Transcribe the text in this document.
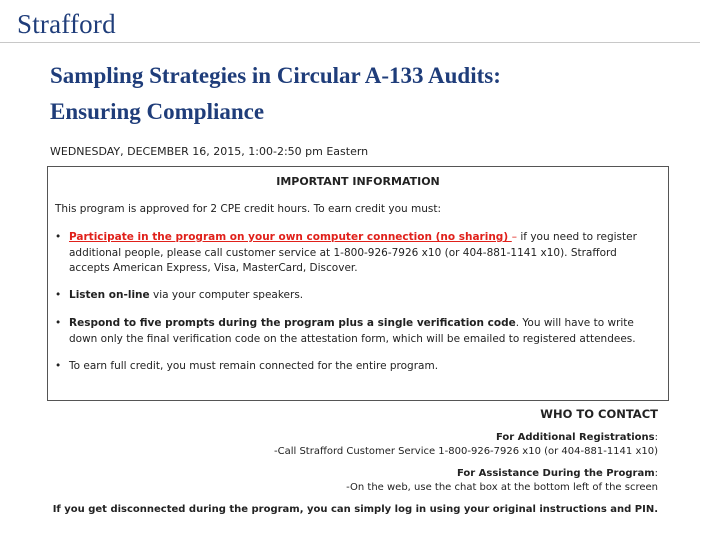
Strafford
Sampling Strategies in Circular A-133 Audits:
Ensuring Compliance
WEDNESDAY, DECEMBER 16, 2015, 1:00-2:50 pm Eastern
IMPORTANT INFORMATION
This program is approved for 2 CPE credit hours. To earn credit you must:
• Participate in the program on your own computer connection (no sharing) – if you need to register additional people, please call customer service at 1-800-926-7926 x10 (or 404-881-1141 x10). Strafford accepts American Express, Visa, MasterCard, Discover.
• Listen on-line via your computer speakers.
• Respond to five prompts during the program plus a single verification code. You will have to write down only the final verification code on the attestation form, which will be emailed to registered attendees.
• To earn full credit, you must remain connected for the entire program.
WHO TO CONTACT
For Additional Registrations:
-Call Strafford Customer Service 1-800-926-7926 x10 (or 404-881-1141 x10)
For Assistance During the Program:
-On the web, use the chat box at the bottom left of the screen
If you get disconnected during the program, you can simply log in using your original instructions and PIN.
